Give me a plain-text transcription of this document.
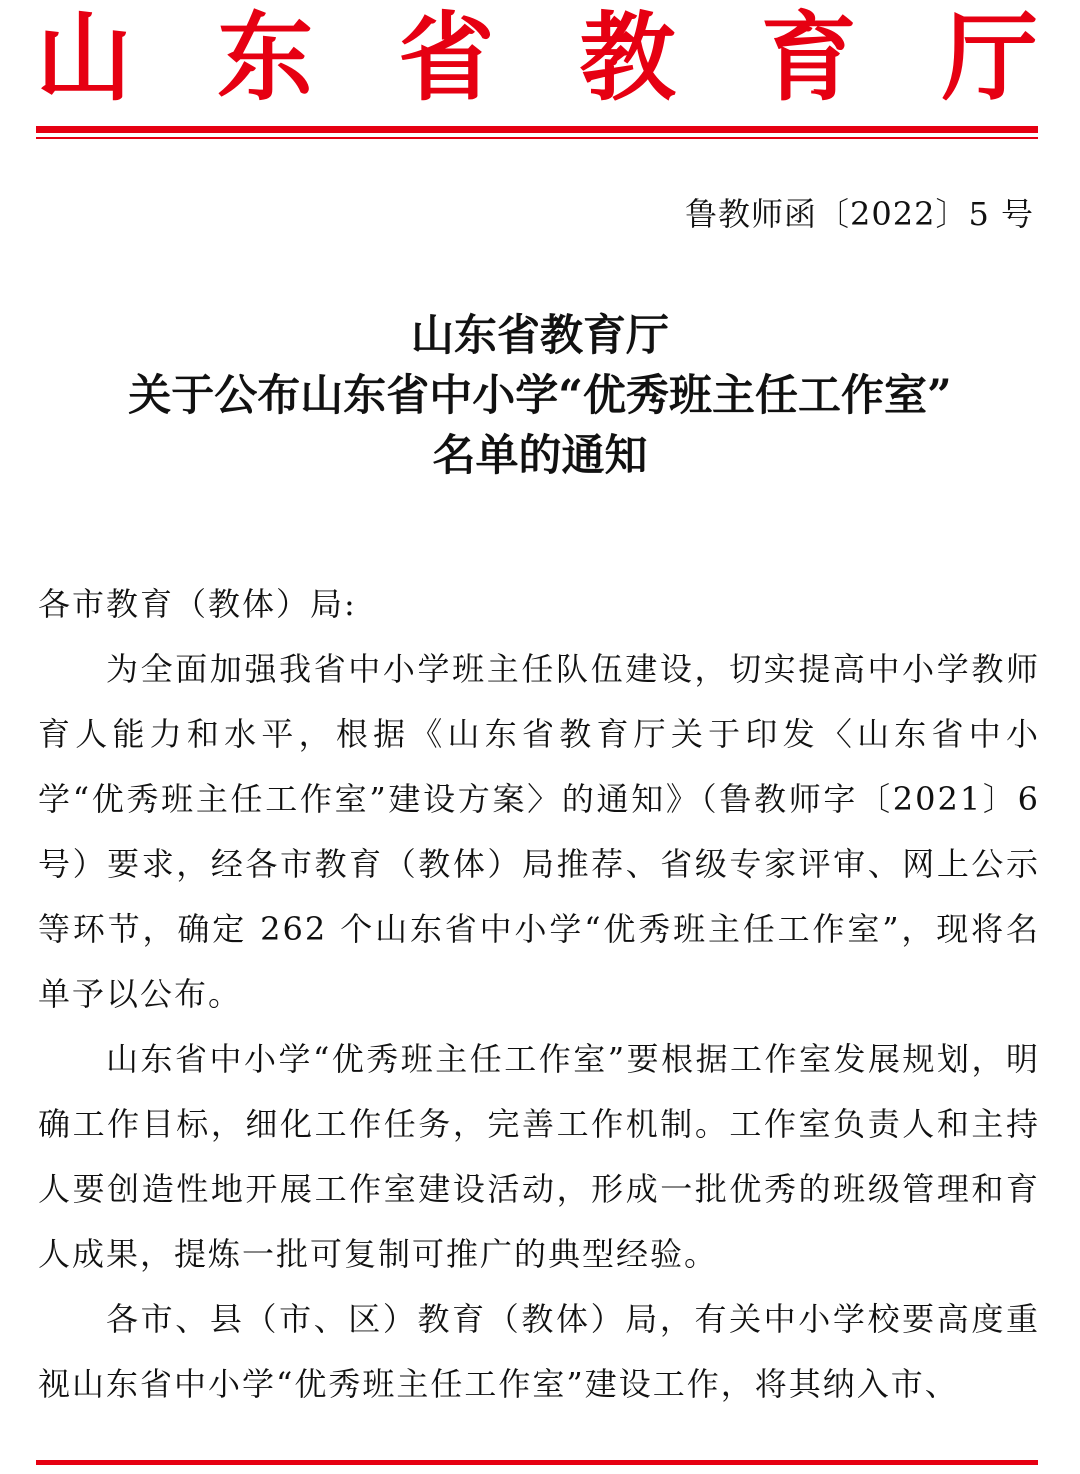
山 东 省 教 育 厅
鲁教师函〔2022〕5 号
山东省教育厅
关于公布山东省中小学“优秀班主任工作室”
名单的通知

各市教育（教体）局:

为全面加强我省中小学班主任队伍建设，切实提高中小学教师育人能力和水平，根据《山东省教育厅关于印发〈山东省中小学“优秀班主任工作室”建设方案〉的通知》（鲁教师字〔2021〕6 号）要求，经各市教育（教体）局推荐、省级专家评审、网上公示等环节，确定 262 个山东省中小学“优秀班主任工作室”，现将名单予以公布。

山东省中小学“优秀班主任工作室”要根据工作室发展规划，明确工作目标，细化工作任务，完善工作机制。工作室负责人和主持人要创造性地开展工作室建设活动，形成一批优秀的班级管理和育人成果，提炼一批可复制可推广的典型经验。

各市、县（市、区）教育（教体）局，有关中小学校要高度重视山东省中小学“优秀班主任工作室”建设工作，将其纳入市、
